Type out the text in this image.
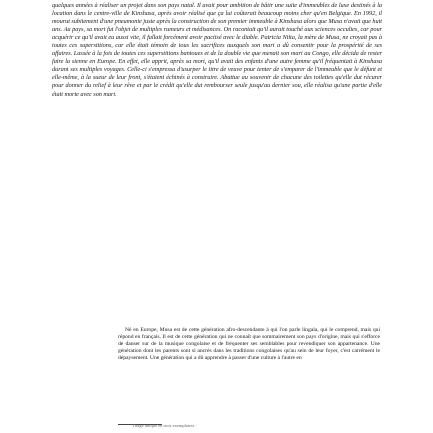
quelques années à réaliser un projet dans son pays natal. Il avait pour ambition de bâtir une suite d'immeubles de luxe destinés à la location dans le centre-ville de Kinshasa, après avoir réalisé que ça lui coûterait beaucoup moins cher qu'en Belgique. En 1992, il mourut subitement d'une pneumonie juste après la construction de son premier immeuble à Kinshasa alors que Musa n'avait que huit ans. Au pays, sa mort fut l'objet de multiples rumeurs et médisances. On racontait qu'il aurait touché aux sciences occultes, car pour acquérir ce qu'il avait eu aussi vite, il fallait forcément avoir pactisé avec le diable. Patricia Ntita, la mère de Musa, ne croyait pas à toutes ces superstitions, car elle était témoin de tous les sacrifices auxquels son mari a dû consentir pour la prospérité de ses affaires. Lassée à la fois de toutes ces superstitions bantoues et de la double vie que menait son mari au Congo, elle décida de rester faire la sienne en Europe. En effet, elle apprit, après sa mort, qu'il avait des enfants d'une autre femme qu'il fréquentait à Kinshasa durant ses multiples voyages. Celle-ci s'empressa d'usurper le titre de veuve pour tenter de s'emparer de l'immeuble que le défunt et elle-même, à la sueur de leur front, s'étaient échinés à construire. Abattue au souvenir de chacune des toilettes qu'elle dut récurer pour donner du relief à leur rêve et par le crédit qu'elle dut rembourser seule jusqu'au dernier sou, elle réalisa qu'une partie d'elle était morte avec son mari.

Né en Europe, Musa est de cette génération afro-descendante à qui l'on parle lingala, qui le comprend, mais qui répond en français. Il est de cette génération qui ne connaît que sommairement son pays d'origine, mais qui s'efforce de danser sur de la musique congolaise et de fréquenter ses semblables pour revendiquer son appartenance. Une génération dont les parents sont si ancrés dans les traditions congolaises qu'au sein de leur foyer, c'est carrément le dépaysement. Une génération qui a dû apprendre à passer d'une culture à l'autre en

Tirage unique en trois exemplaires ·
